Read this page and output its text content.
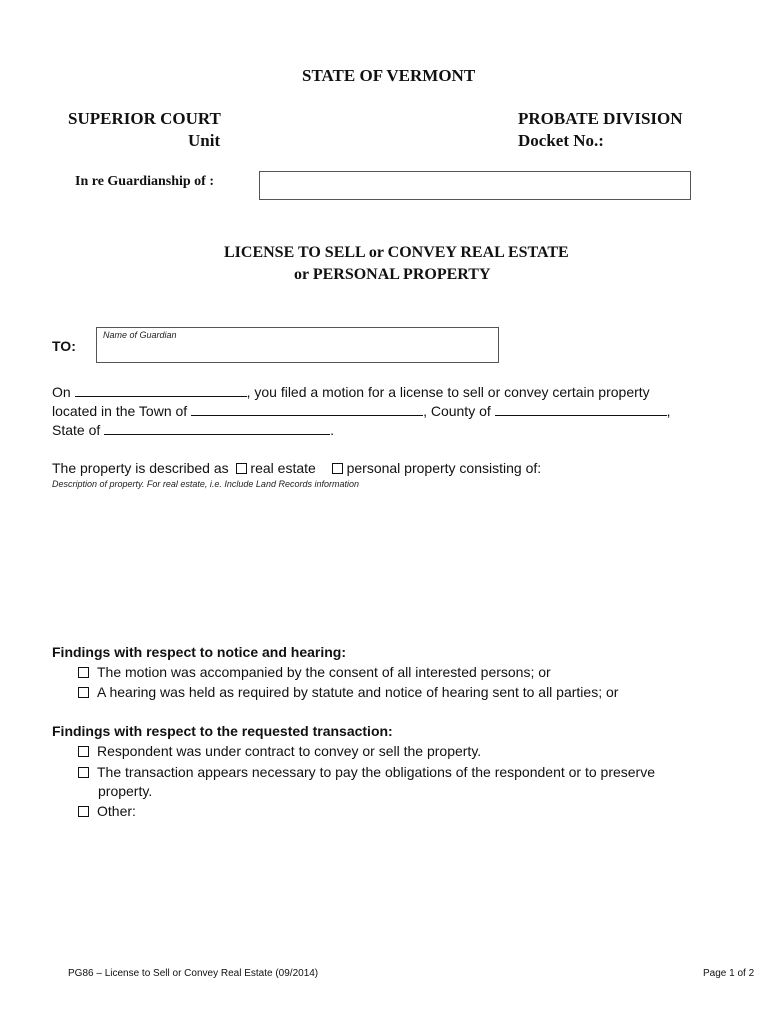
STATE OF VERMONT
SUPERIOR COURT
Unit
PROBATE DIVISION
Docket No.:
In re Guardianship of :
LICENSE TO SELL or CONVEY REAL ESTATE
or PERSONAL PROPERTY
TO:
Name of Guardian
On	, you filed a motion for a license to sell or convey certain property
located in the Town of	, County of	,
State of	.
The property is described as real estate personal property consisting of:
Description of property. For real estate, i.e. Include Land Records information
Findings with respect to notice and hearing:
The motion was accompanied by the consent of all interested persons; or
A hearing was held as required by statute and notice of hearing sent to all parties; or
Findings with respect to the requested transaction:
Respondent was under contract to convey or sell the property.
The transaction appears necessary to pay the obligations of the respondent or to preserve
property.
Other:
PG86 – License to Sell or Convey Real Estate (09/2014)	Page 1 of 2
